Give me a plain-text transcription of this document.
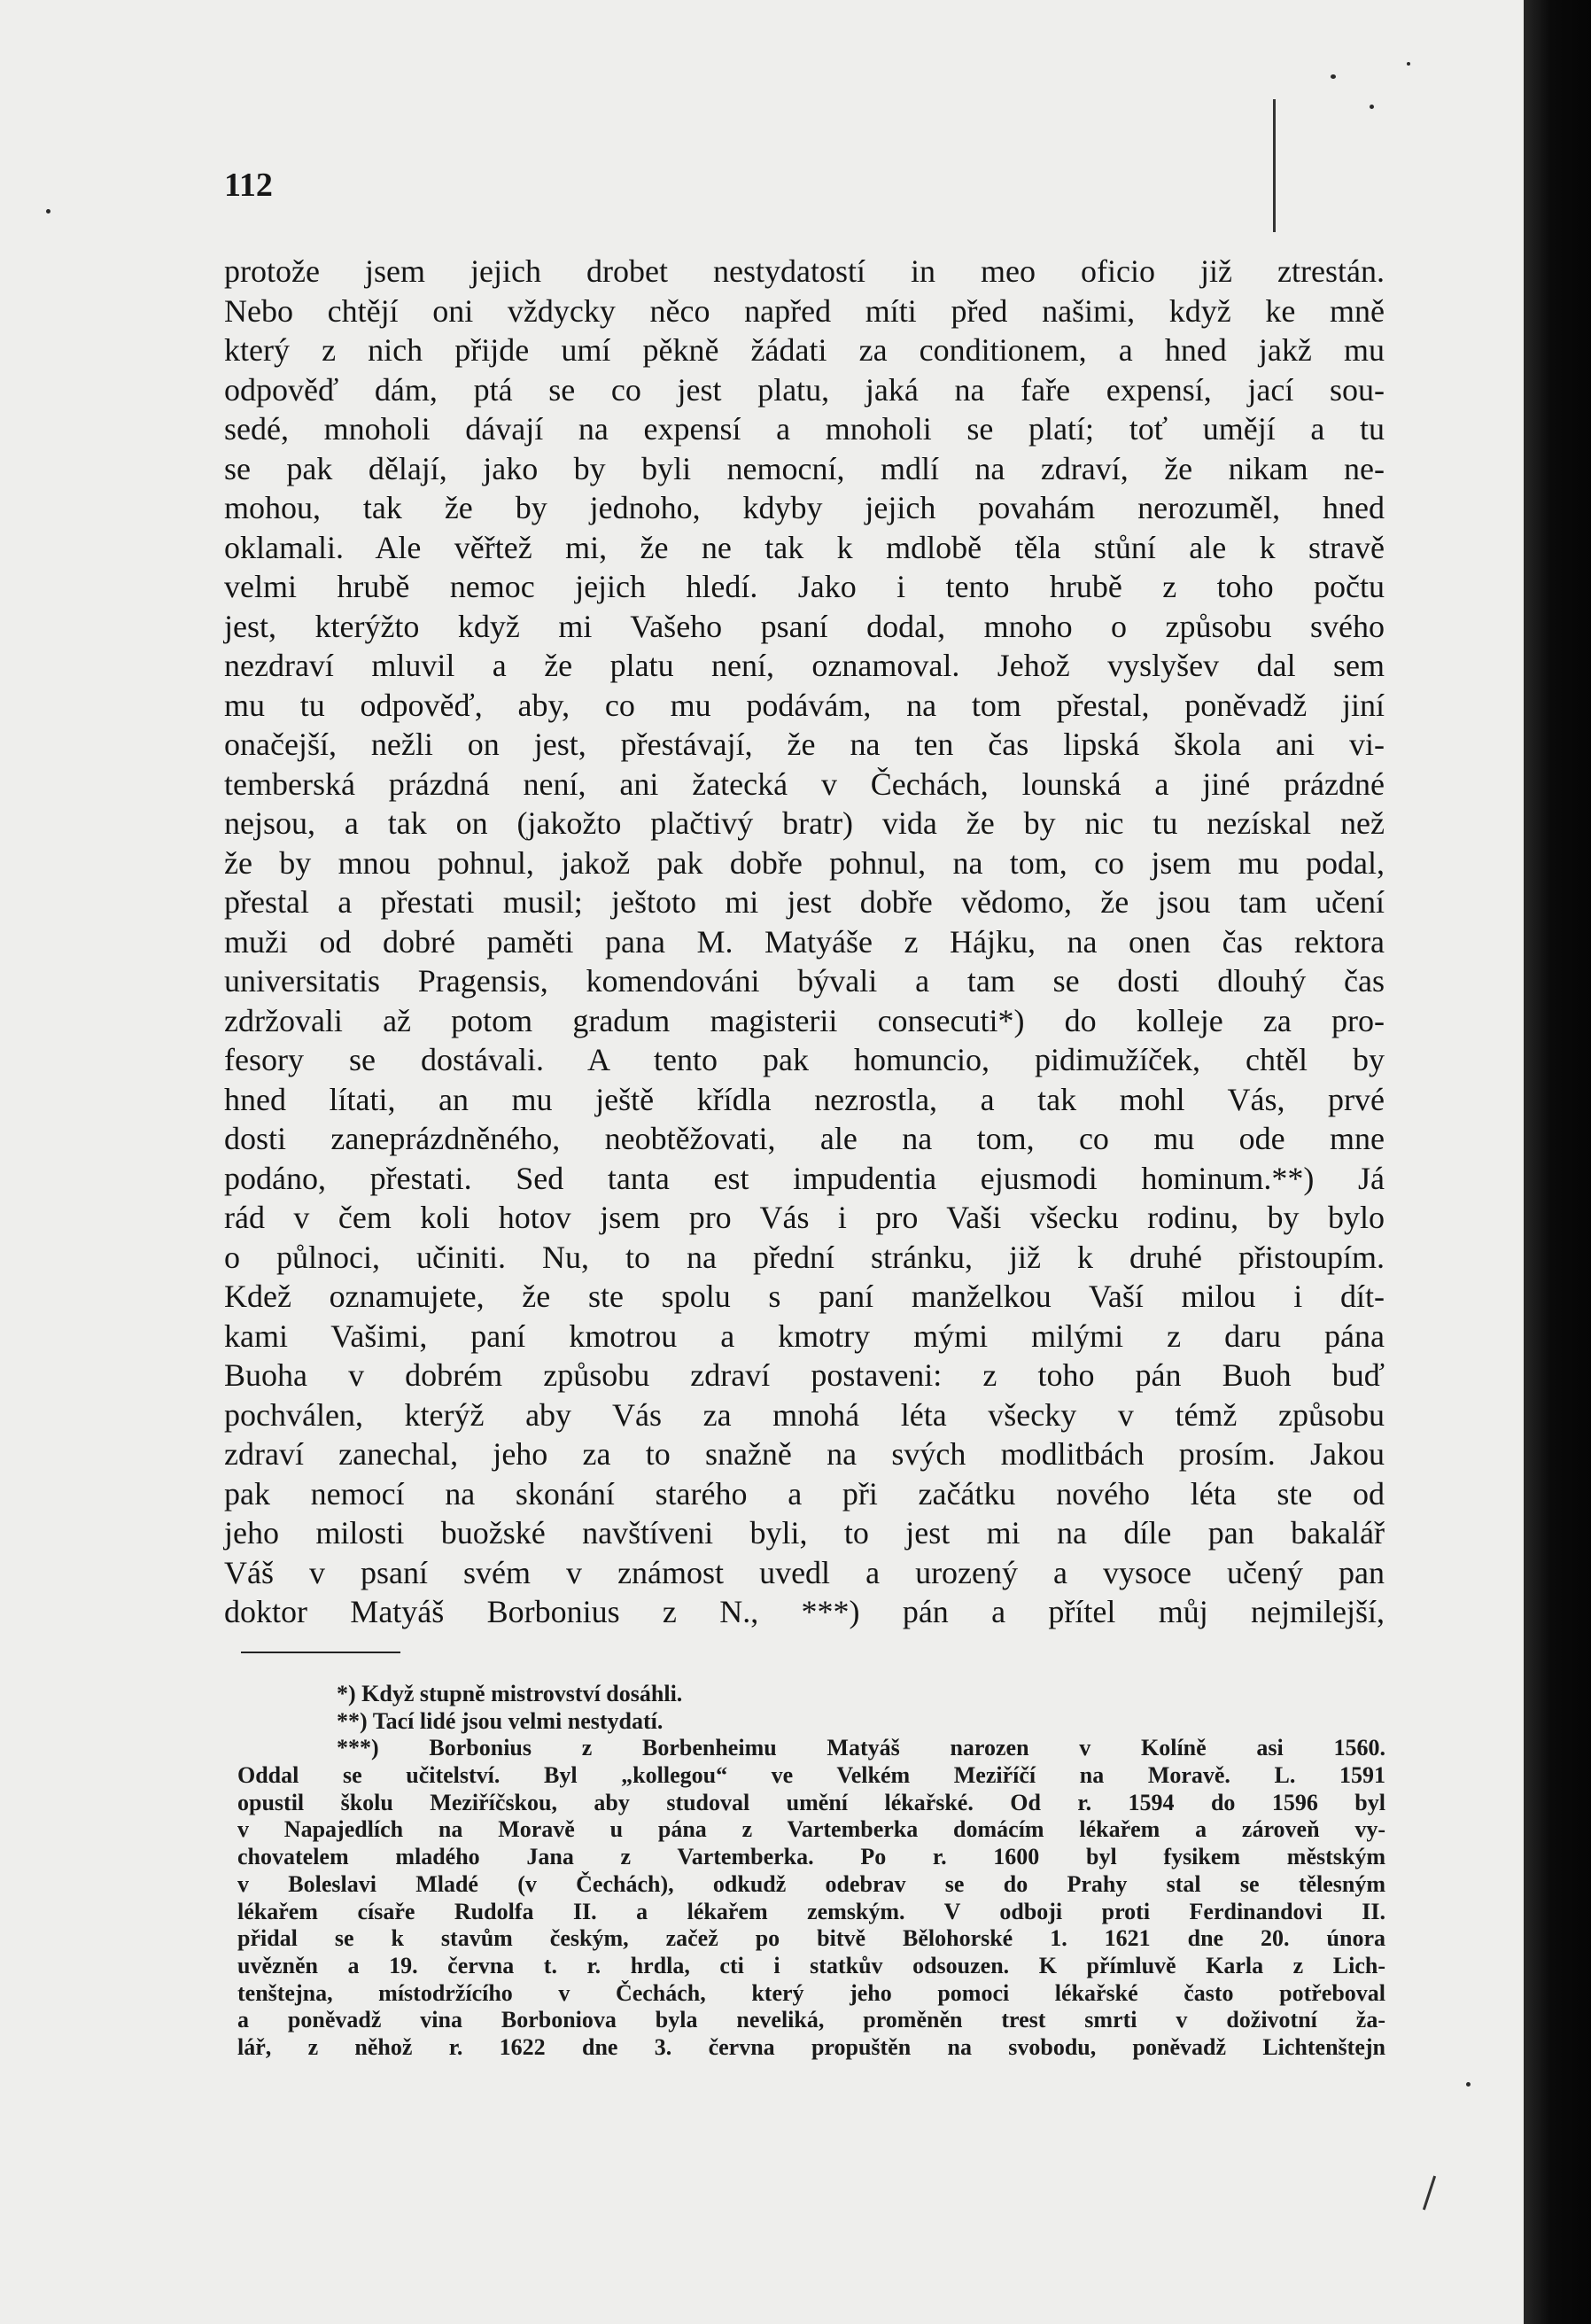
112
protože jsem jejich drobet nestydatostí in meo oficio již ztrestán.
Nebo chtějí oni vždycky něco napřed míti před našimi, když ke mně
který z nich přijde umí pěkně žádati za conditionem, a hned jakž mu
odpověď dám, ptá se co jest platu, jaká na faře expensí, jací sou-
sedé, mnoholi dávají na expensí a mnoholi se platí; toť umějí a tu
se pak dělají, jako by byli nemocní, mdlí na zdraví, že nikam ne-
mohou, tak že by jednoho, kdyby jejich povahám nerozuměl, hned
oklamali. Ale věřtež mi, že ne tak k mdlobě těla stůní ale k stravě
velmi hrubě nemoc jejich hledí. Jako i tento hrubě z toho počtu
jest, kterýžto když mi Vašeho psaní dodal, mnoho o způsobu svého
nezdraví mluvil a že platu není, oznamoval. Jehož vyslyšev dal sem
mu tu odpověď, aby, co mu podávám, na tom přestal, poněvadž jiní
onačejší, nežli on jest, přestávají, že na ten čas lipská škola ani vi-
temberská prázdná není, ani žatecká v Čechách, lounská a jiné prázdné
nejsou, a tak on (jakožto plačtivý bratr) vida že by nic tu nezískal než
že by mnou pohnul, jakož pak dobře pohnul, na tom, co jsem mu podal,
přestal a přestati musil; ještoto mi jest dobře vědomo, že jsou tam učení
muži od dobré paměti pana M. Matyáše z Hájku, na onen čas rektora
universitatis Pragensis, komendováni bývali a tam se dosti dlouhý čas
zdržovali až potom gradum magisterii consecuti*) do kolleje za pro-
fesory se dostávali. A tento pak homuncio, pidimužíček, chtěl by
hned lítati, an mu ještě křídla nezrostla, a tak mohl Vás, prvé
dosti zaneprázdněného, neobtěžovati, ale na tom, co mu ode mne
podáno, přestati. Sed tanta est impudentia ejusmodi hominum.**) Já
rád v čem koli hotov jsem pro Vás i pro Vaši všecku rodinu, by bylo
o půlnoci, učiniti. Nu, to na přední stránku, již k druhé přistoupím.
Kdež oznamujete, že ste spolu s paní manželkou Vaší milou i dít-
kami Vašimi, paní kmotrou a kmotry mými milými z daru pána
Buoha v dobrém způsobu zdraví postaveni: z toho pán Buoh buď
pochválen, kterýž aby Vás za mnohá léta všecky v témž způsobu
zdraví zanechal, jeho za to snažně na svých modlitbách prosím. Jakou
pak nemocí na skonání starého a při začátku nového léta ste od
jeho milosti buožské navštíveni byli, to jest mi na díle pan bakalář
Váš v psaní svém v známost uvedl a urozený a vysoce učený pan
doktor Matyáš Borbonius z N., ***) pán a přítel můj nejmilejší,
*) Když stupně mistrovství dosáhli.
**) Tací lidé jsou velmi nestydatí.
***) Borbonius z Borbenheimu Matyáš narozen v Kolíně asi 1560.
Oddal se učitelství. Byl „kollegou“ ve Velkém Meziříčí na Moravě. L. 1591
opustil školu Meziříčskou, aby studoval umění lékařské. Od r. 1594 do 1596 byl
v Napajedlích na Moravě u pána z Vartemberka domácím lékařem a zároveň vy-
chovatelem mladého Jana z Vartemberka. Po r. 1600 byl fysikem městským
v Boleslavi Mladé (v Čechách), odkudž odebrav se do Prahy stal se tělesným
lékařem císaře Rudolfa II. a lékařem zemským. V odboji proti Ferdinandovi II.
přidal se k stavům českým, začež po bitvě Bělohorské 1. 1621 dne 20. února
uvězněn a 19. června t. r. hrdla, cti i statkův odsouzen. K přímluvě Karla z Lich-
tenštejna, místodržícího v Čechách, který jeho pomoci lékařské často potřeboval
a poněvadž vina Borboniova byla neveliká, proměněn trest smrti v doživotní ža-
lář, z něhož r. 1622 dne 3. června propuštěn na svobodu, poněvadž Lichtenštejn
